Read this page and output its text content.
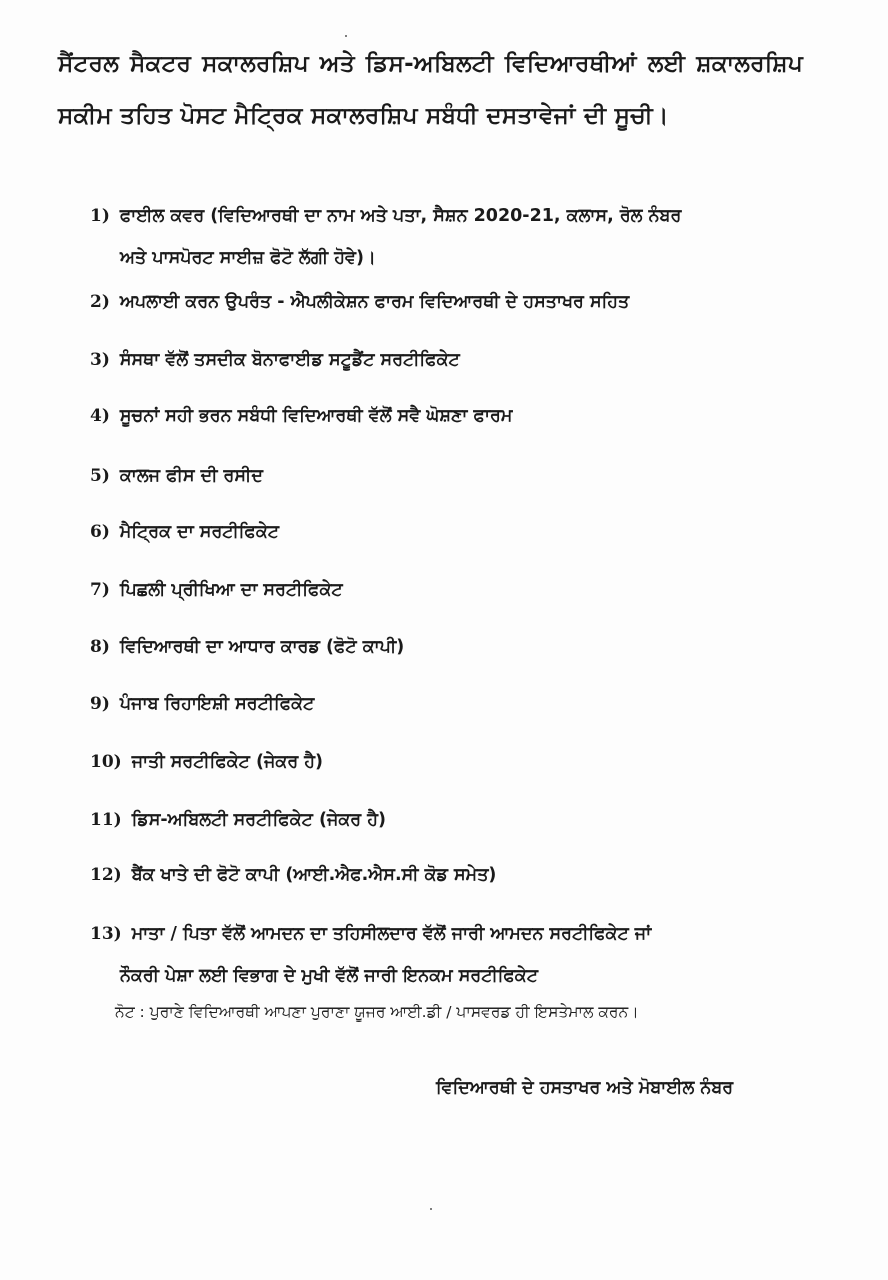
ਸੈਂਟਰਲ ਸੈਕਟਰ ਸਕਾਲਰਸ਼ਿਪ ਅਤੇ ਡਿਸ-ਅਬਿਲਟੀ ਵਿਦਿਆਰਥੀਆਂ ਲਈ ਸ਼ਕਾਲਰਸ਼ਿਪ ਸਕੀਮ ਤਹਿਤ ਪੋਸਟ ਮੈਟ੍ਰਿਕ ਸਕਾਲਰਸ਼ਿਪ ਸਬੰਧੀ ਦਸਤਾਵੇਜਾਂ ਦੀ ਸੂਚੀ।

1) ਫਾਈਲ ਕਵਰ (ਵਿਦਿਆਰਥੀ ਦਾ ਨਾਮ ਅਤੇ ਪਤਾ, ਸੈਸ਼ਨ 2020-21, ਕਲਾਸ, ਰੋਲ ਨੰਬਰ
ਅਤੇ ਪਾਸਪੋਰਟ ਸਾਈਜ਼ ਫੋਟੋ ਲੱਗੀ ਹੋਵੇ)।
2) ਅਪਲਾਈ ਕਰਨ ਉਪਰੰਤ - ਐਪਲੀਕੇਸ਼ਨ ਫਾਰਮ ਵਿਦਿਆਰਥੀ ਦੇ ਹਸਤਾਖਰ ਸਹਿਤ
3) ਸੰਸਥਾ ਵੱਲੋਂ ਤਸਦੀਕ ਬੋਨਾਫਾਈਡ ਸਟੂਡੈਂਟ ਸਰਟੀਫਿਕੇਟ
4) ਸੂਚਨਾਂ ਸਹੀ ਭਰਨ ਸਬੰਧੀ ਵਿਦਿਆਰਥੀ ਵੱਲੋਂ ਸਵੈ ਘੋਸ਼ਣਾ ਫਾਰਮ
5) ਕਾਲਜ ਫੀਸ ਦੀ ਰਸੀਦ
6) ਮੈਟ੍ਰਿਕ ਦਾ ਸਰਟੀਫਿਕੇਟ
7) ਪਿਛਲੀ ਪ੍ਰੀਖਿਆ ਦਾ ਸਰਟੀਫਿਕੇਟ
8) ਵਿਦਿਆਰਥੀ ਦਾ ਆਧਾਰ ਕਾਰਡ (ਫੋਟੋ ਕਾਪੀ)
9) ਪੰਜਾਬ ਰਿਹਾਇਸ਼ੀ ਸਰਟੀਫਿਕੇਟ
10) ਜਾਤੀ ਸਰਟੀਫਿਕੇਟ (ਜੇਕਰ ਹੈ)
11) ਡਿਸ-ਅਬਿਲਟੀ ਸਰਟੀਫਿਕੇਟ (ਜੇਕਰ ਹੈ)
12) ਬੈਂਕ ਖਾਤੇ ਦੀ ਫੋਟੋ ਕਾਪੀ (ਆਈ.ਐਫ.ਐਸ.ਸੀ ਕੋਡ ਸਮੇਤ)
13) ਮਾਤਾ / ਪਿਤਾ ਵੱਲੋਂ ਆਮਦਨ ਦਾ ਤਹਿਸੀਲਦਾਰ ਵੱਲੋਂ ਜਾਰੀ ਆਮਦਨ ਸਰਟੀਫਿਕੇਟ ਜਾਂ
ਨੌਕਰੀ ਪੇਸ਼ਾ ਲਈ ਵਿਭਾਗ ਦੇ ਮੁਖੀ ਵੱਲੋਂ ਜਾਰੀ ਇਨਕਮ ਸਰਟੀਫਿਕੇਟ
ਨੋਟ : ਪੁਰਾਣੇ ਵਿਦਿਆਰਥੀ ਆਪਣਾ ਪੁਰਾਣਾ ਯੂਜਰ ਆਈ.ਡੀ / ਪਾਸਵਰਡ ਹੀ ਇਸਤੇਮਾਲ ਕਰਨ।
ਵਿਦਿਆਰਥੀ ਦੇ ਹਸਤਾਖਰ ਅਤੇ ਮੋਬਾਈਲ ਨੰਬਰ
